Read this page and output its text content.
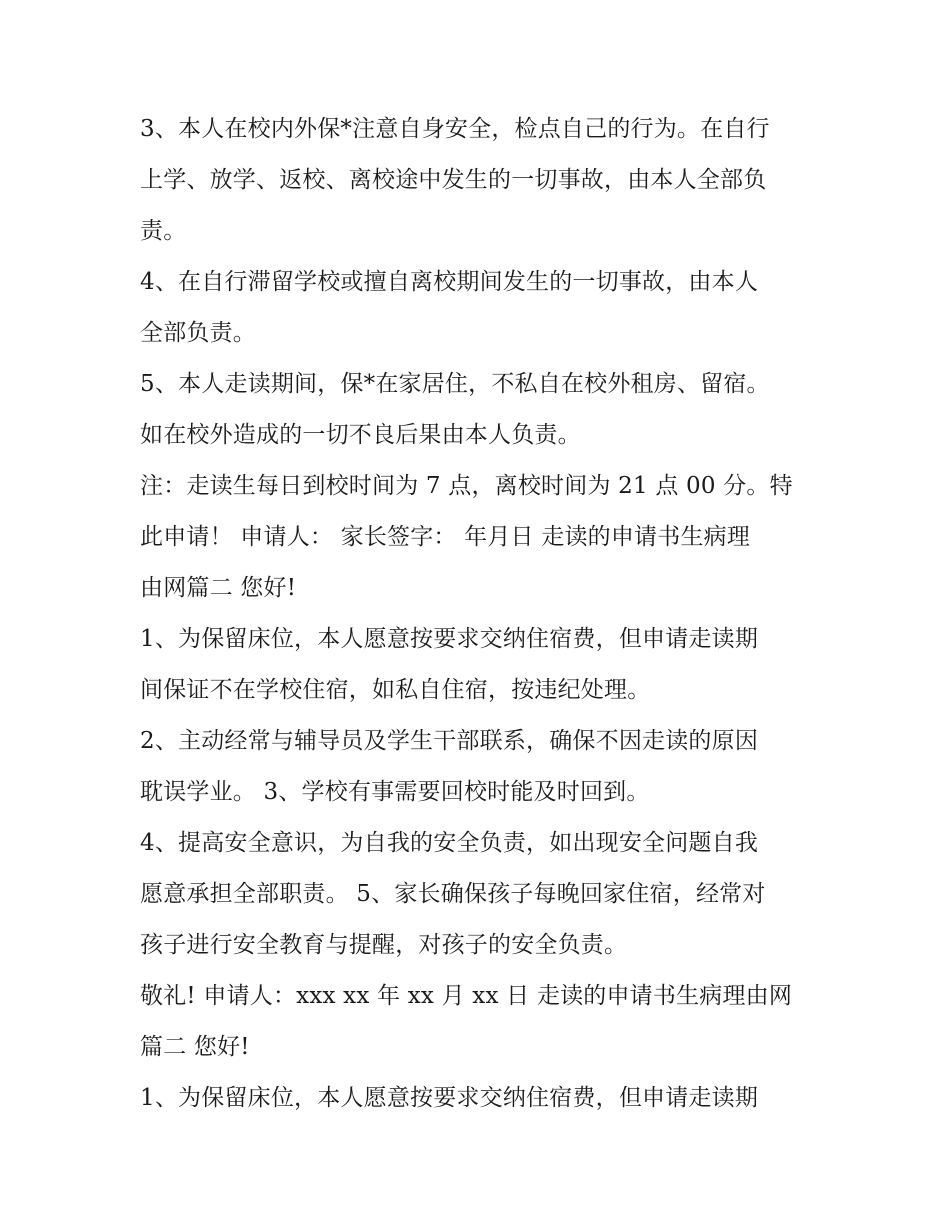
3、本人在校内外保*注意自身安全，检点自己的行为。在自行
上学、放学、返校、离校途中发生的一切事故，由本人全部负
责。
4、在自行滞留学校或擅自离校期间发生的一切事故，由本人
全部负责。
5、本人走读期间，保*在家居住，不私自在校外租房、留宿。
如在校外造成的一切不良后果由本人负责。
注：走读生每日到校时间为 7 点，离校时间为 21 点 00 分。特
此申请！ 申请人： 家长签字： 年月日 走读的申请书生病理
由网篇二 您好!
1、为保留床位，本人愿意按要求交纳住宿费，但申请走读期
间保证不在学校住宿，如私自住宿，按违纪处理。
2、主动经常与辅导员及学生干部联系，确保不因走读的原因
耽误学业。 3、学校有事需要回校时能及时回到。
4、提高安全意识，为自我的安全负责，如出现安全问题自我
愿意承担全部职责。 5、家长确保孩子每晚回家住宿，经常对
孩子进行安全教育与提醒，对孩子的安全负责。
敬礼! 申请人：xxx xx 年 xx 月 xx 日 走读的申请书生病理由网
篇二 您好!
1、为保留床位，本人愿意按要求交纳住宿费，但申请走读期
